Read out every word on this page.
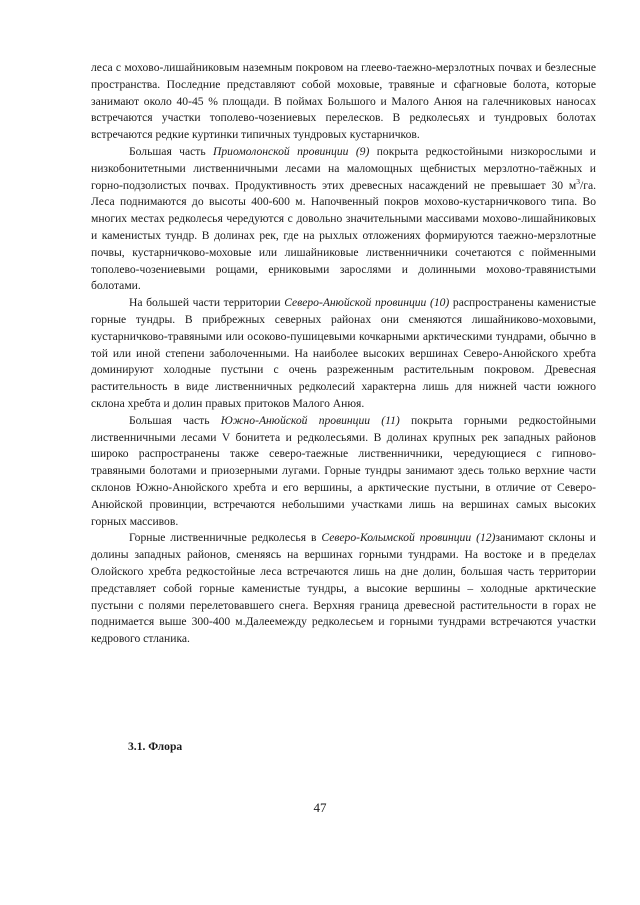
леса с мохово-лишайниковым наземным покровом на глеево-таежно-мерзлотных почвах и безлесные пространства. Последние представляют собой моховые, травяные и сфагновые болота, которые занимают около 40-45 % площади. В поймах Большого и Малого Анюя на галечниковых наносах встречаются участки тополево-чозениевых перелесков. В редколесьях и тундровых болотах встречаются редкие куртинки типичных тундровых кустарничков.

Большая часть Приомолонской провинции (9) покрыта редкостойными низкорослыми и низкобонитетными лиственничными лесами на маломощных щебнистых мерзлотно-таёжных и горно-подзолистых почвах. Продуктивность этих древесных насаждений не превышает 30 $м^3/га$. Леса поднимаются до высоты 400-600 м. Напочвенный покров мохово-кустарничкового типа. Во многих местах редколесья чередуются с довольно значительными массивами мохово-лишайниковых и каменистых тундр. В долинах рек, где на рыхлых отложениях формируются таежно-мерзлотные почвы, кустарничково-моховые или лишайниковые лиственничники сочетаются с пойменными тополево-чозениевыми рощами, ерниковыми зарослями и долинными мохово-травянистыми болотами.

На большей части территории Северо-Анюйской провинции (10) распространены каменистые горные тундры. В прибрежных северных районах они сменяются лишайниково-моховыми, кустарничково-травяными или осоково-пушицевыми кочкарными арктическими тундрами, обычно в той или иной степени заболоченными. На наиболее высоких вершинах Северо-Анюйского хребта доминируют холодные пустыни с очень разреженным растительным покровом. Древесная растительность в виде лиственничных редколесий характерна лишь для нижней части южного склона хребта и долин правых притоков Малого Анюя.

Большая часть Южно-Анюйской провинции (11) покрыта горными редкостойными лиственничными лесами V бонитета и редколесьями. В долинах крупных рек западных районов широко распространены также северо-таежные лиственничники, чередующиеся с гипново-травяными болотами и приозерными лугами. Горные тундры занимают здесь только верхние части склонов Южно-Анюйского хребта и его вершины, а арктические пустыни, в отличие от Северо-Анюйской провинции, встречаются небольшими участками лишь на вершинах самых высоких горных массивов.

Горные лиственничные редколесья в Северо-Колымской провинции (12)занимают склоны и долины западных районов, сменяясь на вершинах горными тундрами. На востоке и в пределах Олойского хребта редкостойные леса встречаются лишь на дне долин, большая часть территории представляет собой горные каменистые тундры, а высокие вершины – холодные арктические пустыни с полями перелетовавшего снега. Верхняя граница древесной растительности в горах не поднимается выше 300-400 м.Далеемежду редколесьем и горными тундрами встречаются участки кедрового стланика.

3.1. Флора
47
